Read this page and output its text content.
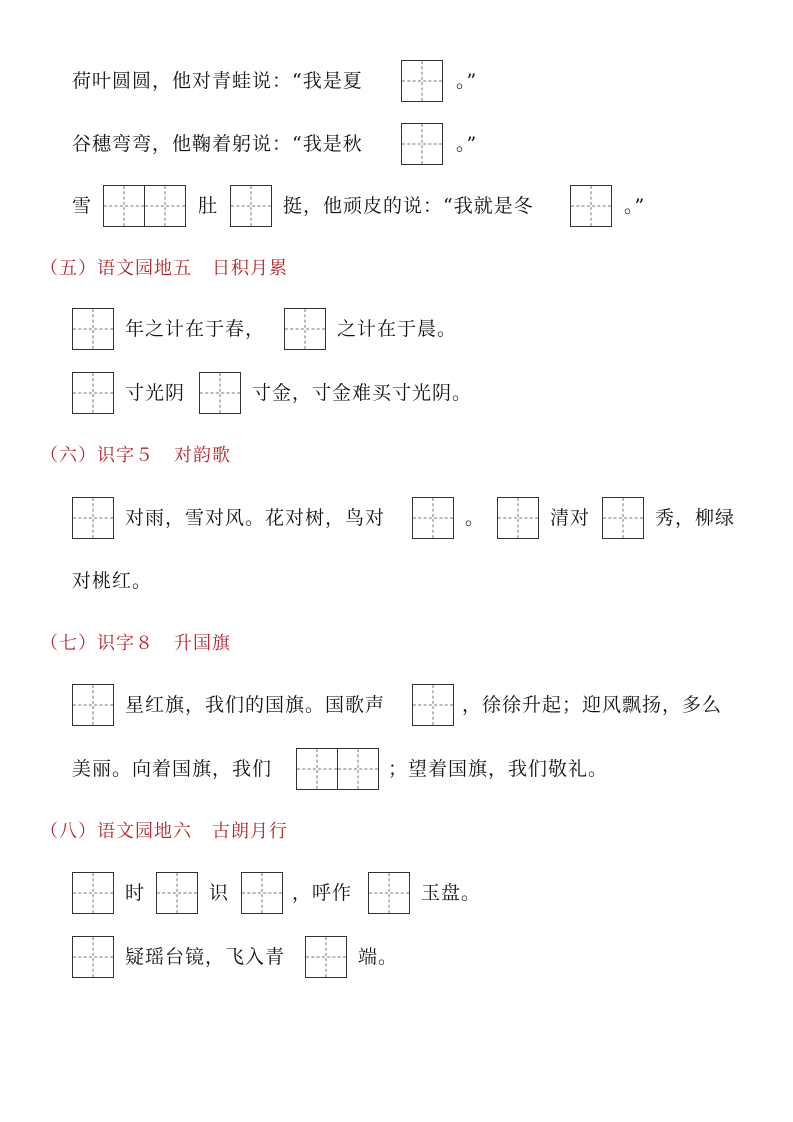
荷叶圆圆，他对青蛙说：“我是夏	。”
谷穗弯弯，他鞠着躬说：“我是秋	。”
雪	肚	挺，他顽皮的说：“我就是冬	。”
（五） 语文园地五 日积月累
年之计在于春，	之计在于晨。
寸光阴	寸金，寸金难买寸光阴。
（六） 识字５ 对韵歌
对雨，雪对风。花对树，鸟对	。	清对	秀，柳绿
对桃红。
（七） 识字８ 升国旗
星红旗，我们的国旗。国歌声	，徐徐升起；迎风飘扬，多么
美丽。向着国旗，我们	；望着国旗，我们敬礼。
（八） 语文园地六 古朗月行
时	识	，呼作	玉盘。
疑瑶台镜，飞入青	端。
